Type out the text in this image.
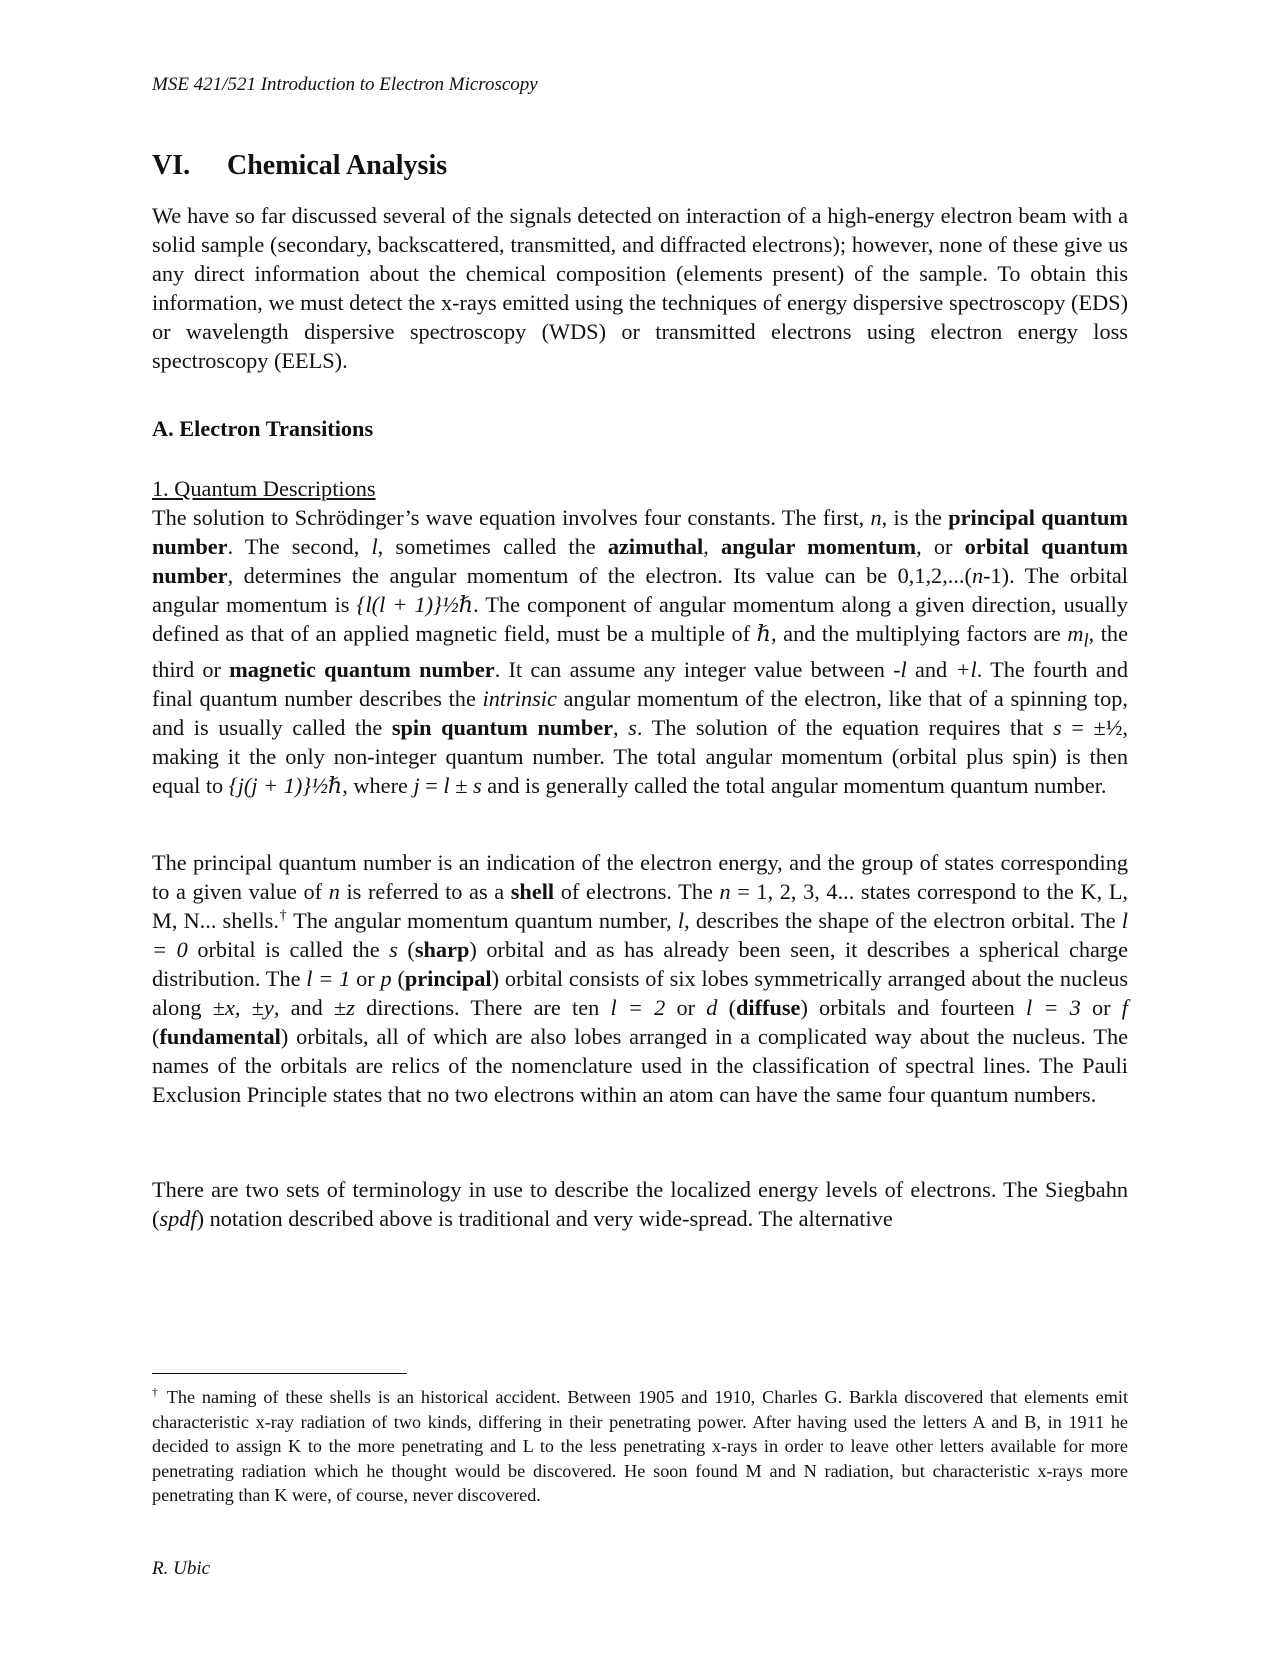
MSE 421/521 Introduction to Electron Microscopy
VI. Chemical Analysis

We have so far discussed several of the signals detected on interaction of a high-energy electron beam with a solid sample (secondary, backscattered, transmitted, and diffracted electrons); however, none of these give us any direct information about the chemical composition (elements present) of the sample. To obtain this information, we must detect the x-rays emitted using the techniques of energy dispersive spectroscopy (EDS) or wavelength dispersive spectroscopy (WDS) or transmitted electrons using electron energy loss spectroscopy (EELS).

A. Electron Transitions

1. Quantum Descriptions
The solution to Schrödinger’s wave equation involves four constants. The first, n, is the principal quantum number. The second, l, sometimes called the azimuthal, angular momentum, or orbital quantum number, determines the angular momentum of the electron. Its value can be 0,1,2,...(n-1). The orbital angular momentum is {l(l + 1)}½ℏ. The component of angular momentum along a given direction, usually defined as that of an applied magnetic field, must be a multiple of ℏ, and the multiplying factors are $m_l$, the third or magnetic quantum number. It can assume any integer value between -l and +l. The fourth and final quantum number describes the intrinsic angular momentum of the electron, like that of a spinning top, and is usually called the spin quantum number, s. The solution of the equation requires that s = ±½, making it the only non-integer quantum number. The total angular momentum (orbital plus spin) is then equal to {j(j + 1)}½ℏ, where j = l ± s and is generally called the total angular momentum quantum number.

The principal quantum number is an indication of the electron energy, and the group of states corresponding to a given value of n is referred to as a shell of electrons. The n = 1, 2, 3, 4... states correspond to the K, L, M, N... shells.† The angular momentum quantum number, l, describes the shape of the electron orbital. The l = 0 orbital is called the s (sharp) orbital and as has already been seen, it describes a spherical charge distribution. The l = 1 or p (principal) orbital consists of six lobes symmetrically arranged about the nucleus along ±x, ±y, and ±z directions. There are ten l = 2 or d (diffuse) orbitals and fourteen l = 3 or f (fundamental) orbitals, all of which are also lobes arranged in a complicated way about the nucleus. The names of the orbitals are relics of the nomenclature used in the classification of spectral lines. The Pauli Exclusion Principle states that no two electrons within an atom can have the same four quantum numbers.

There are two sets of terminology in use to describe the localized energy levels of electrons. The Siegbahn (spdf) notation described above is traditional and very wide-spread. The alternative

† The naming of these shells is an historical accident. Between 1905 and 1910, Charles G. Barkla discovered that elements emit characteristic x-ray radiation of two kinds, differing in their penetrating power. After having used the letters A and B, in 1911 he decided to assign K to the more penetrating and L to the less penetrating x-rays in order to leave other letters available for more penetrating radiation which he thought would be discovered. He soon found M and N radiation, but characteristic x-rays more penetrating than K were, of course, never discovered.

R. Ubic
